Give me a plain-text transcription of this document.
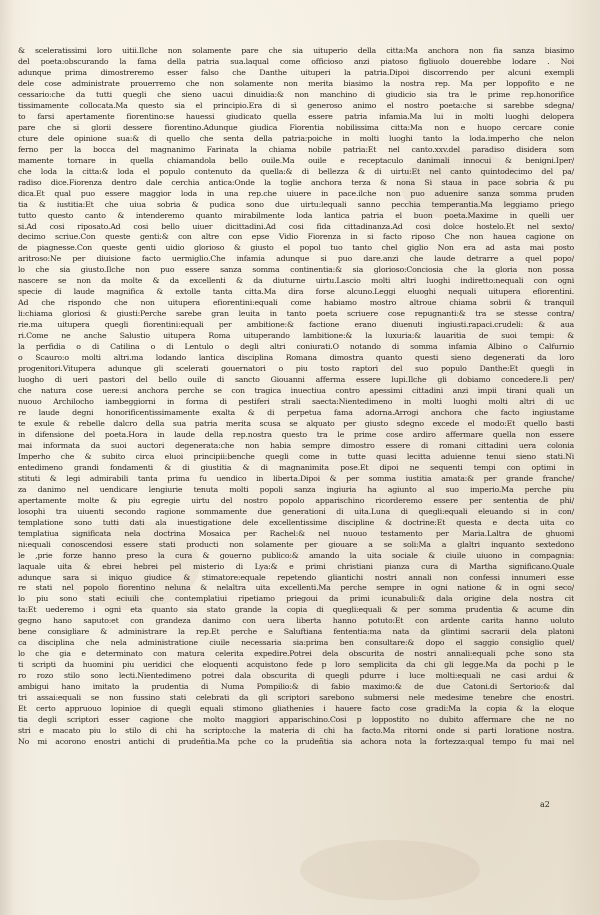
& sceleratissimi loro uitii.Ilche non solamente pare che sia uituperio della citta:Ma anchora non fia sanza biasimo
del poeta:obscurando la fama della patria sua.laqual come officioso anzi piatoso figliuolo douerebbe lodare . Noi
adunque prima dimostreremo esser falso che Danthe uituperi la patria.Dipoi discorrendo per alcuni exempli
dele cose administrate prouerremo che non solamente non merita biasimo la nostra rep. Ma per loppofito e ne
cessario:che da tutti quegli che sieno uacui dinuidia:& non manchino di giudicio sia tra le prime rep.honorifice
tissimamente collocata.Ma questo sia el principio.Era di sì generoso animo el nostro poeta:che si sarebbe sdegna/
to farsi apertamente fiorentino:se hauessi giudicato quella essere patria infamia.Ma lui in molti luoghi delopera
pare che si glorii dessere fiorentino.Adunque giudica Fiorentia nobilissima citta:Ma non e huopo cercare conie
cture dele opinione sua:& di quello che senta della patria:poiche in molti luoghi tanto la loda.imperho che nelon
ferno per la bocca del magnanimo Farinata la chiama nobile patria:Et nel canto.xxv.del paradiso disidera som
mamente tornare in quella chiamandola bello ouile.Ma ouile e receptaculo danimali innocui & benigni.Iper/
che loda la citta:& loda el populo contenuto da quella:& di bellezza & di uirtu:Et nel canto quintodecimo del pa/
radiso dice.Fiorenza dentro dale cerchia antica:Onde la toglie anchora terza & nona Si staua in pace sobria & pu
dica.Et qual puo essere maggior loda in una rep.che uiuere in pace.ilche non puo aduenire sanza somma pruden
tia & iustitia:Et che uiua sobria & pudica sono due uirtu:lequali sanno pecchia temperantia.Ma leggiamo priego
tutto questo canto & intenderemo quanto mirabilmente loda lantica patria el buon poeta.Maxime in quelli uer
si.Ad cosi riposato.Ad cosi bello uiuer dicittadini.Ad cosi fida cittadinanza.Ad cosi dolce hostelo.Et nel sexto/
decimo scriue.Con queste genti:& con altre con epse Vidio Fiorenza in si facto riposo Che non hauea cagione on
de piagnesse.Con queste genti uidio glorioso & giusto el popol tuo tanto chel giglio Non era ad asta mai posto
aritroso:Ne per diuisione facto uermiglio.Che infamia adunque si puo dare.anzi che laude detrarre a quel popo/
lo che sia giusto.Ilche non puo essere sanza somma continentia:& sia glorioso:Conciosia che la gloria non possa
nascere se non da molte & da excellenti & da diuturne uirtu.Lascio molti altri luoghi indiretto:nequali con ogni
specie di laude magnifica & extolle tanta citta.Ma dira forse alcuno.Leggi eluoghi nequali uitupera efiorentini.
Ad che rispondo che non uitupera efiorentini:equali come habiamo mostro altroue chiama sobrii & tranquil
li:chiama gloriosi & giusti:Perche sarebe gran leuita in tanto poeta scriuere cose repugnanti:& tra se stesse contra/
rie.ma uitupera quegli fiorentini:equali per ambitione:& factione erano diuenuti ingiusti.rapaci.crudeli: & aua
ri.Come ne anche Salustio uitupera Roma uituperando lambitione:& la luxuria:& lauaritia de suoi tempi: &
la perfidia o di Catilina o di Lentulo o degli altri coniurati.O notando di somma infamia Albino o Calfurnio
o Scauro:o molti altri.ma lodando lantica disciplina Romana dimostra quanto questi sieno degenerati da loro
progenitori.Vitupera adunque gli scelerati gouernatori o piu tosto raptori del suo populo Danthe:Et quegli in
luogho di ueri pastori del bello ouile di sancto Giouanni afferma essere lupi.Ilche gli dobiamo concedere.Ii per/
che natura cose uere:si anchora perche se con tragica inuectiua contro apessimi cittadini anzi impii tirani quali un
nuouo Archilocho iambeggiorni in forma di pestiferi strali saecta:Nientedimeno in molti luoghi molti altri di uc
re laude degni honorificentissimamente exalta & di perpetua fama adorna.Arrogi anchora che facto ingiustame
te exule & rebelle dalcro della sua patria merita scusa se alquato per giusto sdegno excede el modo:Et quello basti
in difensione del poeta.Hora in laude della rep.nostra questo tra le prime cose ardiro affermare quella non essere
mai informata da suoi auctori degenerata:che non habia sempre dimostro essere di romani cittadini uera colonia
Imperho che & subito circa eluoi principii:benche quegli come in tutte quasi lecitta aduienne tenui sieno stati.Ni
entedimeno grandi fondamenti & di giustitia & di magnanimita pose.Et dipoi ne sequenti tempi con optimi in
stituti & legi admirabili tanta prima fu uendico in liberta.Dipoi & per somma iustitia amata:& per grande franche/
za danimo nel uendicare lengiurie tenuta molti popoli sanza ingiuria ha agiunto al suo imperio.Ma perche piu
apertamente molte & piu egregie uirtu del nostro popolo apparischino ricorderemo essere per sententia de phi/
losophi tra uiuenti secondo ragione sommamente due generationi di uita.Luna di quegli:equali eleuando si in con/
templatione sono tutti dati ala inuestigatione dele excellentissime discipline & doctrine:Et questa e decta uita co
templatiua significata nela doctrina Mosaica per Rachel:& nel nuouo testamento per Maria.Laltra de ghuomi
ni:equali conoscendosi essere stati producti non solamente per giouare a se soli:Ma a glaltri inquanto sextedono
le ,prie forze hanno preso la cura & gouerno publico:& amando la uita sociale & ciuile uiuono in compagnia:
laquale uita & ebrei hebrei pel misterio di Lya:& e primi christiani pianza cura di Martha significano.Quale
adunque sara si iniquo giudice & stimatore:equale repetendo gliantichi nostri annali non confessi innumeri esse
re stati nel popolo fiorentino neluna & nelaltra uita excellenti.Ma perche sempre in ogni natione & in ogni seco/
lo piu sono stati eciuili che contemplatiui ripetiamo priegoui da primi icunabuli:& dala origine dela nostra cit
ta:Et uederemo i ogni eta quanto sia stato grande la copia di quegli:equali & per somma prudentia & acume din
gegno hano saputo:et con grandeza danimo con uera liberta hanno potuto:Et con ardente carita hanno uoluto
bene consigliare & administrare la rep.Et perche e Saluftiana fententia:ma nata da glintimi sacrarii dela platoni
ca disciplina che nela administratione ciuile necessaria sia:prima ben consultare:& dopo el saggio consiglio quel/
lo che gia e determinato con matura celerita expedire.Potrei dela obscurita de nostri annali:equali pche sono sta
ti scripti da huomini piu ueridici che eloquenti acquistono fede p loro semplicita da chi gli legge.Ma da pochi p le
ro rozo stilo sono lecti.Nientedimeno potrei dala obscurita di quegli pdurre i luce molti:equali ne casi ardui &
ambigui hano imitato la prudentia di Numa Pompilio:& di fabio maximo:& de due Catoni.di Sertorio:& dal
tri assai:equali se non fussino stati celebrati da gli scriptori sarebono submersi nele medesime tenebre che enostri.
Et certo appruouo lopinioe di quegli equali stimono gliathenies i hauere facto cose gradi:Ma la copia & la eloque
tia degli scriptori esser cagione che molto maggiori apparischino.Cosi p loppostito no dubito affermare che ne no
stri e macato piu lo stilo di chi ha scripto:che la materia di chi ha facto.Ma ritorni onde si parti loratione nostra.
No mi acorono enostri antichi di prudeñtia.Ma pche co la prudeñtia sia achora nota la fortezza:qual tempo fu mai nel
a2
